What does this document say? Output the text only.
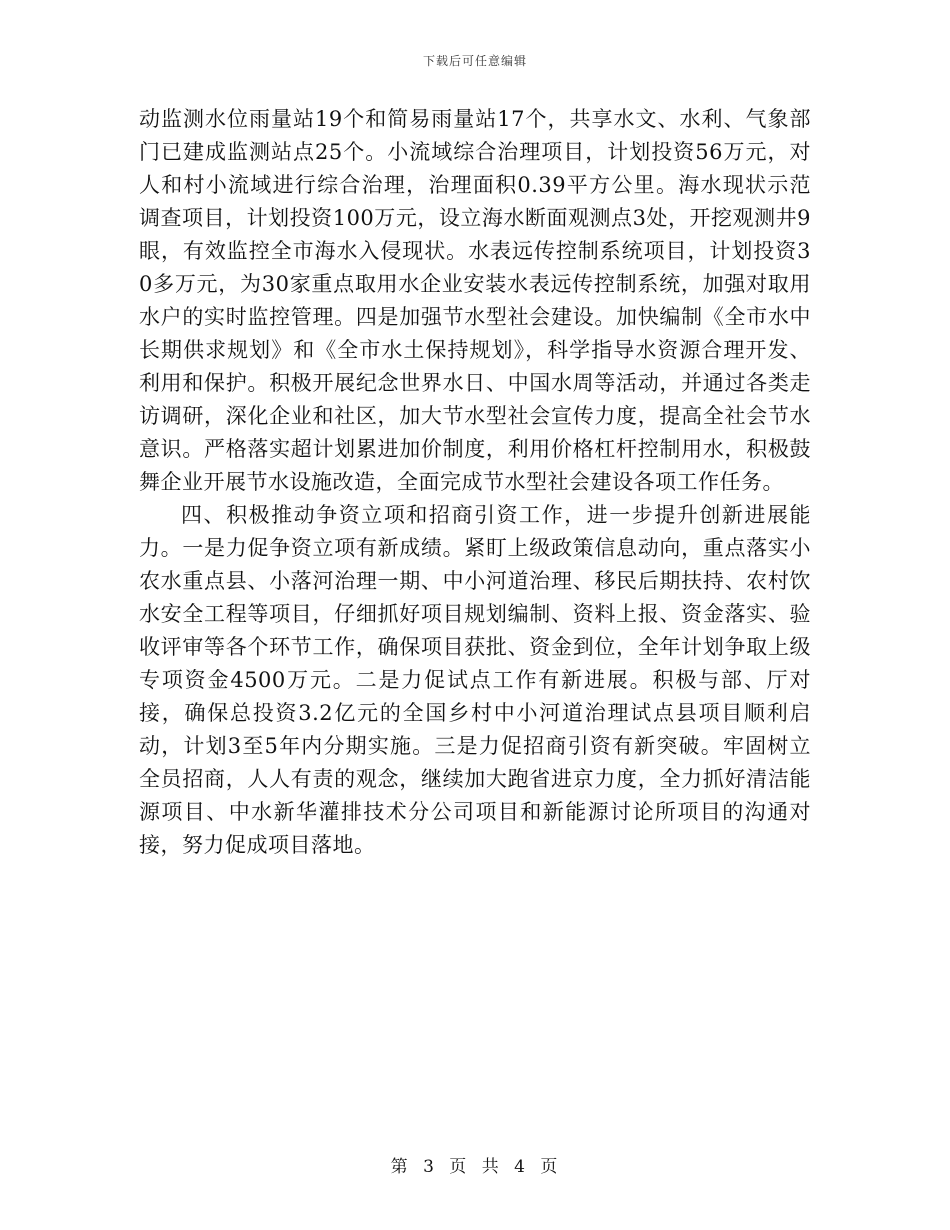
下载后可任意编辑

动监测水位雨量站19个和简易雨量站17个，共享水文、水利、气象部门已建成监测站点25个。小流域综合治理项目，计划投资56万元，对人和村小流域进行综合治理，治理面积0.39平方公里。海水现状示范调查项目，计划投资100万元，设立海水断面观测点3处，开挖观测井9眼，有效监控全市海水入侵现状。水表远传控制系统项目，计划投资30多万元，为30家重点取用水企业安装水表远传控制系统，加强对取用水户的实时监控管理。四是加强节水型社会建设。加快编制《全市水中长期供求规划》和《全市水土保持规划》，科学指导水资源合理开发、利用和保护。积极开展纪念世界水日、中国水周等活动，并通过各类走访调研，深化企业和社区，加大节水型社会宣传力度，提高全社会节水意识。严格落实超计划累进加价制度，利用价格杠杆控制用水，积极鼓舞企业开展节水设施改造，全面完成节水型社会建设各项工作任务。

四、积极推动争资立项和招商引资工作，进一步提升创新进展能力。一是力促争资立项有新成绩。紧盯上级政策信息动向，重点落实小农水重点县、小落河治理一期、中小河道治理、移民后期扶持、农村饮水安全工程等项目，仔细抓好项目规划编制、资料上报、资金落实、验收评审等各个环节工作，确保项目获批、资金到位，全年计划争取上级专项资金4500万元。二是力促试点工作有新进展。积极与部、厅对接，确保总投资3.2亿元的全国乡村中小河道治理试点县项目顺利启动，计划3至5年内分期实施。三是力促招商引资有新突破。牢固树立全员招商，人人有责的观念，继续加大跑省进京力度，全力抓好清洁能源项目、中水新华灌排技术分公司项目和新能源讨论所项目的沟通对接，努力促成项目落地。

第 3 页 共 4 页
